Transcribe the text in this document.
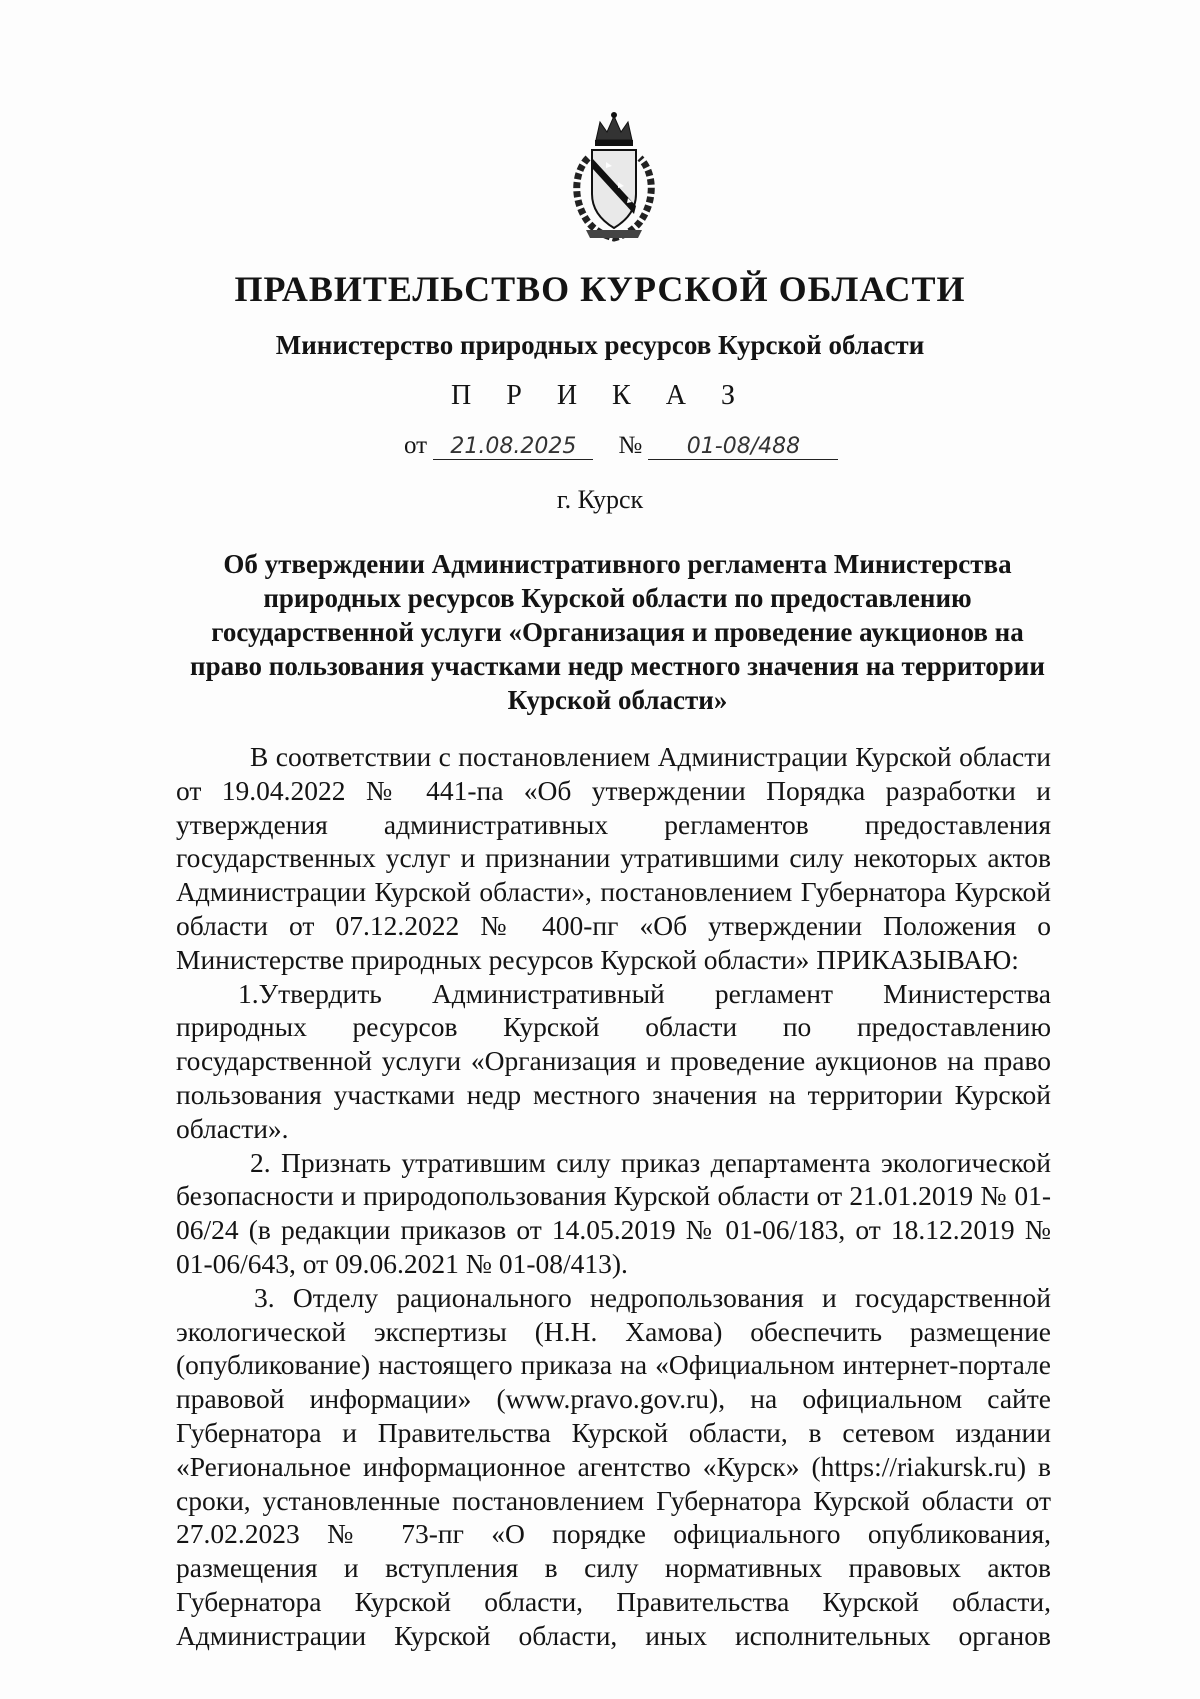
ПРАВИТЕЛЬСТВО КУРСКОЙ ОБЛАСТИ
Министерство природных ресурсов Курской области
П Р И К А З
от 21.08.2025 № 01-08/488
г. Курск
Об утверждении Административного регламента Министерства природных ресурсов Курской области по предоставлению государственной услуги «Организация и проведение аукционов на право пользования участками недр местного значения на территории Курской области»

В соответствии с постановлением Администрации Курской области от 19.04.2022 № 441-па «Об утверждении Порядка разработки и утверждения административных регламентов предоставления государственных услуг и признании утратившими силу некоторых актов Администрации Курской области», постановлением Губернатора Курской области от 07.12.2022 № 400-пг «Об утверждении Положения о Министерстве природных ресурсов Курской области» ПРИКАЗЫВАЮ:

1.Утвердить Административный регламент Министерства природных ресурсов Курской области по предоставлению государственной услуги «Организация и проведение аукционов на право пользования участками недр местного значения на территории Курской области».

2. Признать утратившим силу приказ департамента экологической безопасности и природопользования Курской области от 21.01.2019 № 01-06/24 (в редакции приказов от 14.05.2019 № 01-06/183, от 18.12.2019 № 01-06/643, от 09.06.2021 № 01-08/413).

3. Отделу рационального недропользования и государственной экологической экспертизы (Н.Н. Хамова) обеспечить размещение (опубликование) настоящего приказа на «Официальном интернет-портале правовой информации» (www.pravo.gov.ru), на официальном сайте Губернатора и Правительства Курской области, в сетевом издании «Региональное информационное агентство «Курск» (https://riakursk.ru) в сроки, установленные постановлением Губернатора Курской области от 27.02.2023 № 73-пг «О порядке официального опубликования, размещения и вступления в силу нормативных правовых актов Губернатора Курской области, Правительства Курской области, Администрации Курской области, иных исполнительных органов
